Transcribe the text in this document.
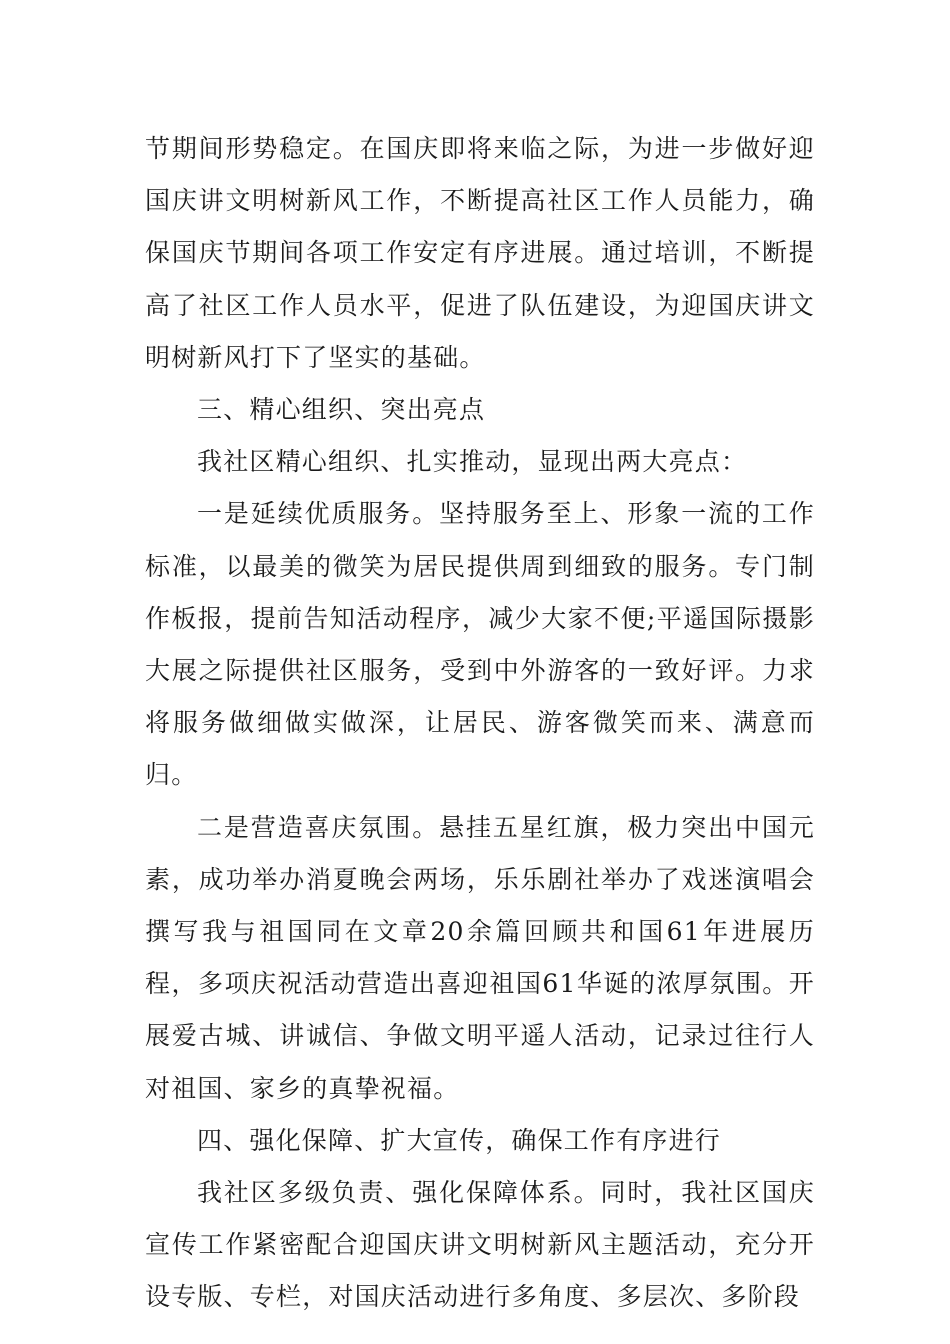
节期间形势稳定。在国庆即将来临之际，为进一步做好迎国庆讲文明树新风工作，不断提高社区工作人员能力，确保国庆节期间各项工作安定有序进展。通过培训，不断提高了社区工作人员水平，促进了队伍建设，为迎国庆讲文明树新风打下了坚实的基础。

三、精心组织、突出亮点

我社区精心组织、扎实推动，显现出两大亮点：

一是延续优质服务。坚持服务至上、形象一流的工作标准，以最美的微笑为居民提供周到细致的服务。专门制作板报，提前告知活动程序，减少大家不便;平遥国际摄影大展之际提供社区服务，受到中外游客的一致好评。力求将服务做细做实做深，让居民、游客微笑而来、满意而归。

二是营造喜庆氛围。悬挂五星红旗，极力突出中国元素，成功举办消夏晚会两场，乐乐剧社举办了戏迷演唱会撰写我与祖国同在文章20余篇回顾共和国61年进展历程，多项庆祝活动营造出喜迎祖国61华诞的浓厚氛围。开展爱古城、讲诚信、争做文明平遥人活动，记录过往行人对祖国、家乡的真挚祝福。

四、强化保障、扩大宣传，确保工作有序进行

我社区多级负责、强化保障体系。同时，我社区国庆宣传工作紧密配合迎国庆讲文明树新风主题活动，充分开设专版、专栏，对国庆活动进行多角度、多层次、多阶段
